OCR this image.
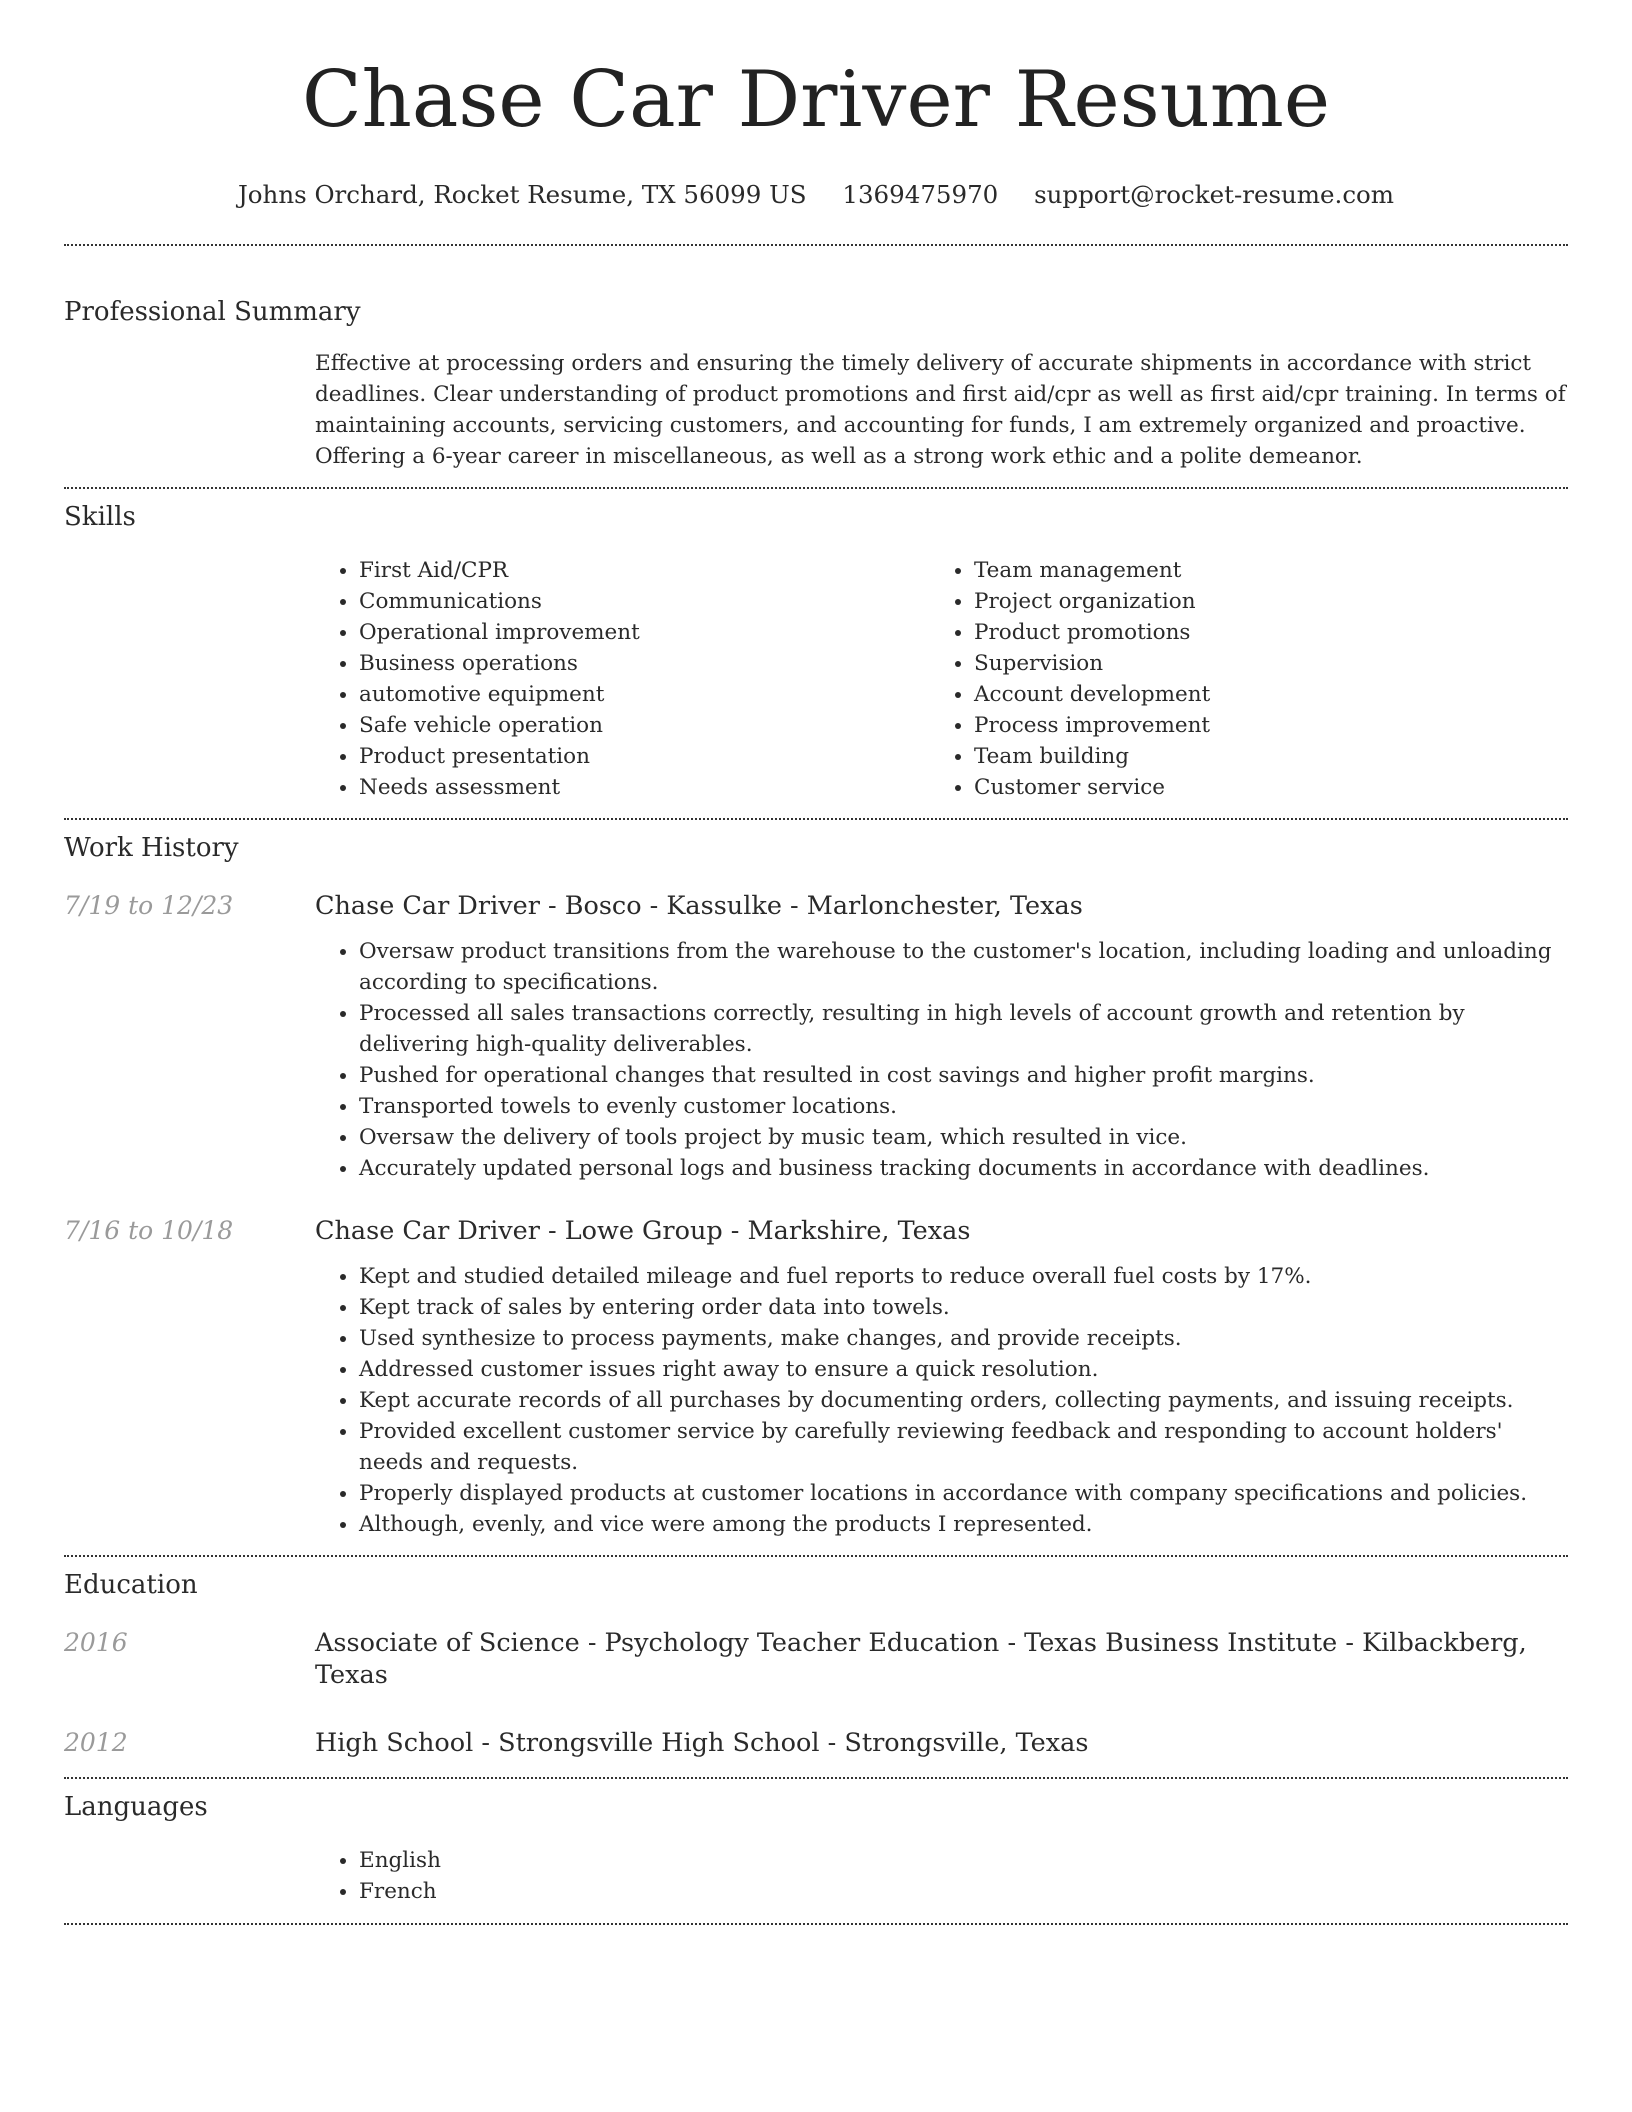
Chase Car Driver Resume
Johns Orchard, Rocket Resume, TX 56099 US 1369475970 support@rocket-resume.com
Professional Summary

Effective at processing orders and ensuring the timely delivery of accurate shipments in accordance with strict deadlines. Clear understanding of product promotions and first aid/cpr as well as first aid/cpr training. In terms of maintaining accounts, servicing customers, and accounting for funds, I am extremely organized and proactive. Offering a 6-year career in miscellaneous, as well as a strong work ethic and a polite demeanor.

Skills
• First Aid/CPR
• Communications
• Operational improvement
• Business operations
• automotive equipment
• Safe vehicle operation
• Product presentation
• Needs assessment
• Team management
• Project organization
• Product promotions
• Supervision
• Account development
• Process improvement
• Team building
• Customer service
Work History
7/19 to 12/23	Chase Car Driver - Bosco - Kassulke - Marlonchester, Texas
• Oversaw product transitions from the warehouse to the customer's location, including loading and unloading according to specifications.
• Processed all sales transactions correctly, resulting in high levels of account growth and retention by delivering high-quality deliverables.
• Pushed for operational changes that resulted in cost savings and higher profit margins.
• Transported towels to evenly customer locations.
• Oversaw the delivery of tools project by music team, which resulted in vice.
• Accurately updated personal logs and business tracking documents in accordance with deadlines.
7/16 to 10/18	Chase Car Driver - Lowe Group - Markshire, Texas
• Kept and studied detailed mileage and fuel reports to reduce overall fuel costs by 17%.
• Kept track of sales by entering order data into towels.
• Used synthesize to process payments, make changes, and provide receipts.
• Addressed customer issues right away to ensure a quick resolution.
• Kept accurate records of all purchases by documenting orders, collecting payments, and issuing receipts.
• Provided excellent customer service by carefully reviewing feedback and responding to account holders' needs and requests.
• Properly displayed products at customer locations in accordance with company specifications and policies.
• Although, evenly, and vice were among the products I represented.
Education
2016	Associate of Science - Psychology Teacher Education - Texas Business Institute - Kilbackberg, Texas
2012	High School - Strongsville High School - Strongsville, Texas
Languages
• English
• French
